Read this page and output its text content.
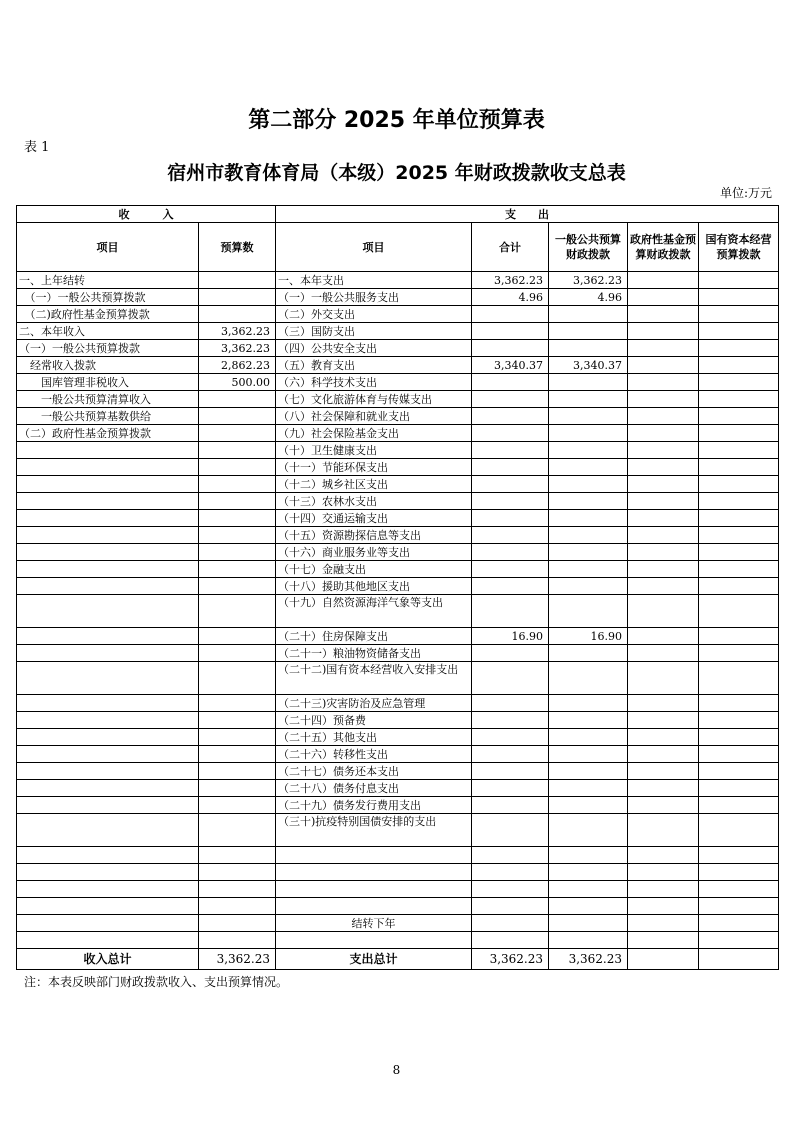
第二部分 2025 年单位预算表
表 1
宿州市教育体育局（本级）2025 年财政拨款收支总表
单位:万元
收　　　入		支　　出				
项目	预算数	项目	合计	一般公共预算财政拨款	政府性基金预算财政拨款	国有资本经营预算拨款
一、上年结转		一、本年支出	3,362.23	3,362.23		
　（一）一般公共预算拨款		（一）一般公共服务支出	4.96	4.96		
　（二)政府性基金预算拨款		（二）外交支出				
二、本年收入	3,362.23	（三）国防支出				
（一）一般公共预算拨款	3,362.23	（四）公共安全支出				
　经常收入拨款	2,862.23	（五）教育支出	3,340.37	3,340.37		
　　国库管理非税收入	500.00	（六）科学技术支出				
　　一般公共预算清算收入		（七）文化旅游体育与传媒支出				
　　一般公共预算基数供给		（八）社会保障和就业支出				
（二）政府性基金预算拨款		（九）社会保险基金支出				
		（十）卫生健康支出				
		（十一）节能环保支出				
		（十二）城乡社区支出				
		（十三）农林水支出				
		（十四）交通运输支出				
		（十五）资源勘探信息等支出				
		（十六）商业服务业等支出				
		（十七）金融支出				
		（十八）援助其他地区支出				
		（十九）自然资源海洋气象等支出				
		（二十）住房保障支出	16.90	16.90		
		（二十一）粮油物资储备支出				
		（二十二)国有资本经营收入安排支出				
		（二十三)灾害防治及应急管理				
		（二十四）预备费				
		（二十五）其他支出				
		（二十六）转移性支出				
		（二十七）债务还本支出				
		（二十八）债务付息支出				
		（二十九）债务发行费用支出				
		（三十)抗疫特别国债安排的支出				

		结转下年				

收入总计	3,362.23	支出总计	3,362.23	3,362.23		
注：本表反映部门财政拨款收入、支出预算情况。
8
